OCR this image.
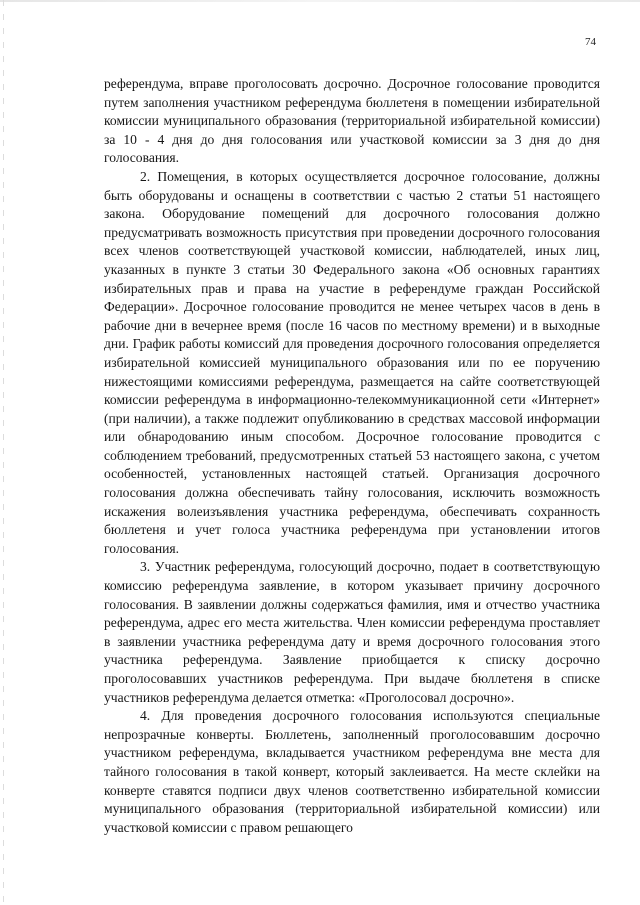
74

референдума, вправе проголосовать досрочно. Досрочное голосование проводится путем заполнения участником референдума бюллетеня в помещении избирательной комиссии муниципального образования (территориальной избирательной комиссии) за 10 - 4 дня до дня голосования или участковой комиссии за 3 дня до дня голосования.

2. Помещения, в которых осуществляется досрочное голосование, должны быть оборудованы и оснащены в соответствии с частью 2 статьи 51 настоящего закона. Оборудование помещений для досрочного голосования должно предусматривать возможность присутствия при проведении досрочного голосования всех членов соответствующей участковой комиссии, наблюдателей, иных лиц, указанных в пункте 3 статьи 30 Федерального закона «Об основных гарантиях избирательных прав и права на участие в референдуме граждан Российской Федерации». Досрочное голосование проводится не менее четырех часов в день в рабочие дни в вечернее время (после 16 часов по местному времени) и в выходные дни. График работы комиссий для проведения досрочного голосования определяется избирательной комиссией муниципального образования или по ее поручению нижестоящими комиссиями референдума, размещается на сайте соответствующей комиссии референдума в информационно-телекоммуникационной сети «Интернет» (при наличии), а также подлежит опубликованию в средствах массовой информации или обнародованию иным способом. Досрочное голосование проводится с соблюдением требований, предусмотренных статьей 53 настоящего закона, с учетом особенностей, установленных настоящей статьей. Организация досрочного голосования должна обеспечивать тайну голосования, исключить возможность искажения волеизъявления участника референдума, обеспечивать сохранность бюллетеня и учет голоса участника референдума при установлении итогов голосования.

3. Участник референдума, голосующий досрочно, подает в соответствующую комиссию референдума заявление, в котором указывает причину досрочного голосования. В заявлении должны содержаться фамилия, имя и отчество участника референдума, адрес его места жительства. Член комиссии референдума проставляет в заявлении участника референдума дату и время досрочного голосования этого участника референдума. Заявление приобщается к списку досрочно проголосовавших участников референдума. При выдаче бюллетеня в списке участников референдума делается отметка: «Проголосовал досрочно».

4. Для проведения досрочного голосования используются специальные непрозрачные конверты. Бюллетень, заполненный проголосовавшим досрочно участником референдума, вкладывается участником референдума вне места для тайного голосования в такой конверт, который заклеивается. На месте склейки на конверте ставятся подписи двух членов соответственно избирательной комиссии муниципального образования (территориальной избирательной комиссии) или участковой комиссии с правом решающего
